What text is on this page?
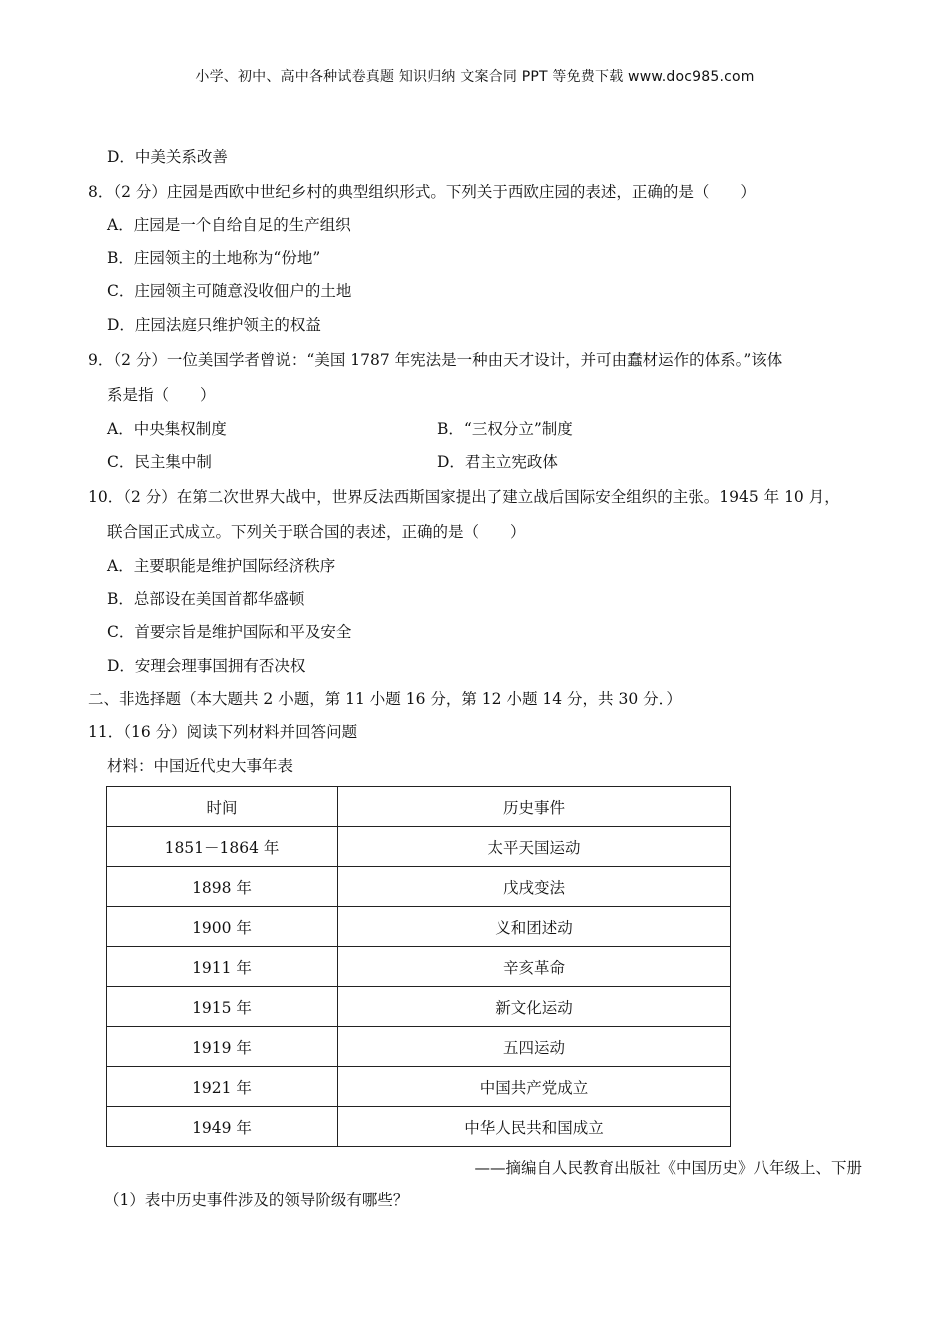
小学、初中、高中各种试卷真题 知识归纳 文案合同 PPT 等免费下载 www.doc985.com
D．中美关系改善
8．（2 分）庄园是西欧中世纪乡村的典型组织形式。下列关于西欧庄园的表述，正确的是（　　）
A．庄园是一个自给自足的生产组织
B．庄园领主的土地称为“份地”
C．庄园领主可随意没收佃户的土地
D．庄园法庭只维护领主的权益
9．（2 分）一位美国学者曾说：“美国 1787 年宪法是一种由天才设计，并可由蠢材运作的体系。”该体
系是指（　　）
A．中央集权制度	B．“三权分立”制度
C．民主集中制	D．君主立宪政体
10．（2 分）在第二次世界大战中，世界反法西斯国家提出了建立战后国际安全组织的主张。1945 年 10 月，
联合国正式成立。下列关于联合国的表述，正确的是（　　）
A．主要职能是维护国际经济秩序
B．总部设在美国首都华盛顿
C．首要宗旨是维护国际和平及安全
D．安理会理事国拥有否决权
二、非选择题（本大题共 2 小题，第 11 小题 16 分，第 12 小题 14 分，共 30 分．）
11．（16 分）阅读下列材料并回答问题
材料：中国近代史大事年表
时间	历史事件
1851－1864 年	太平天国运动
1898 年	戊戌变法
1900 年	义和团述动
1911 年	辛亥革命
1915 年	新文化运动
1919 年	五四运动
1921 年	中国共产党成立
1949 年	中华人民共和国成立
——摘编自人民教育出版社《中国历史》八年级上、下册
（1）表中历史事件涉及的领导阶级有哪些？
